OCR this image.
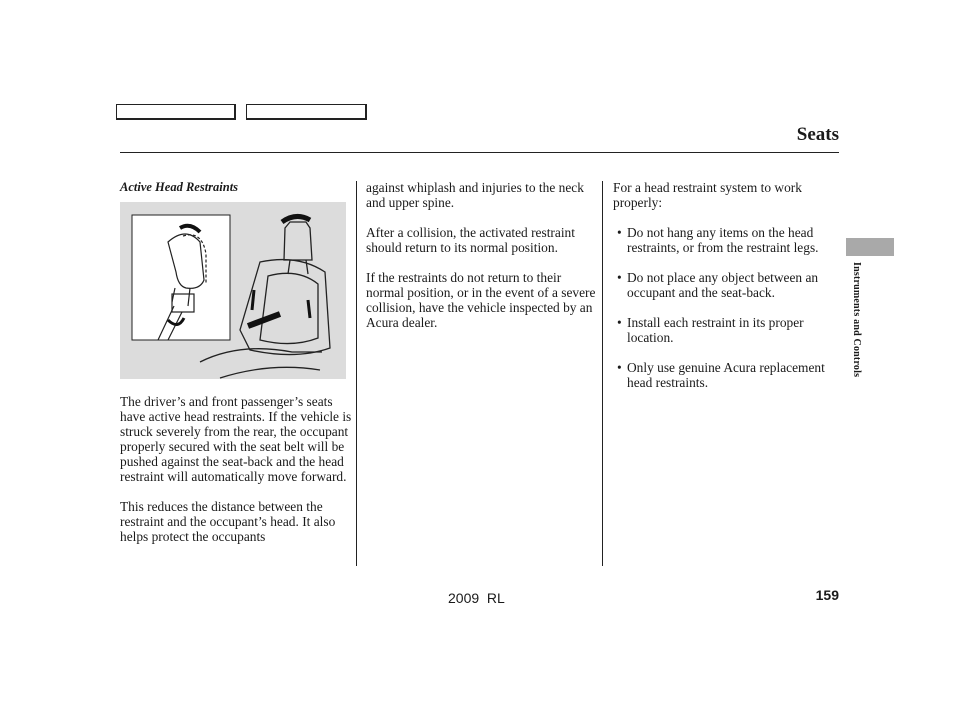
Seats
Active Head Restraints

The driver’s and front passenger’s seats have active head restraints. If the vehicle is struck severely from the rear, the occupant properly secured with the seat belt will be pushed against the seat-back and the head restraint will automatically move forward.

This reduces the distance between the restraint and the occupant’s head. It also helps protect the occupants

against whiplash and injuries to the neck and upper spine.

After a collision, the activated restraint should return to its normal position.

If the restraints do not return to their normal position, or in the event of a severe collision, have the vehicle inspected by an Acura dealer.

For a head restraint system to work properly:

• Do not hang any items on the head restraints, or from the restraint legs.
• Do not place any object between an occupant and the seat-back.
• Install each restraint in its proper location.
• Only use genuine Acura replacement head restraints.
Instruments and Controls
2009  RL	159
